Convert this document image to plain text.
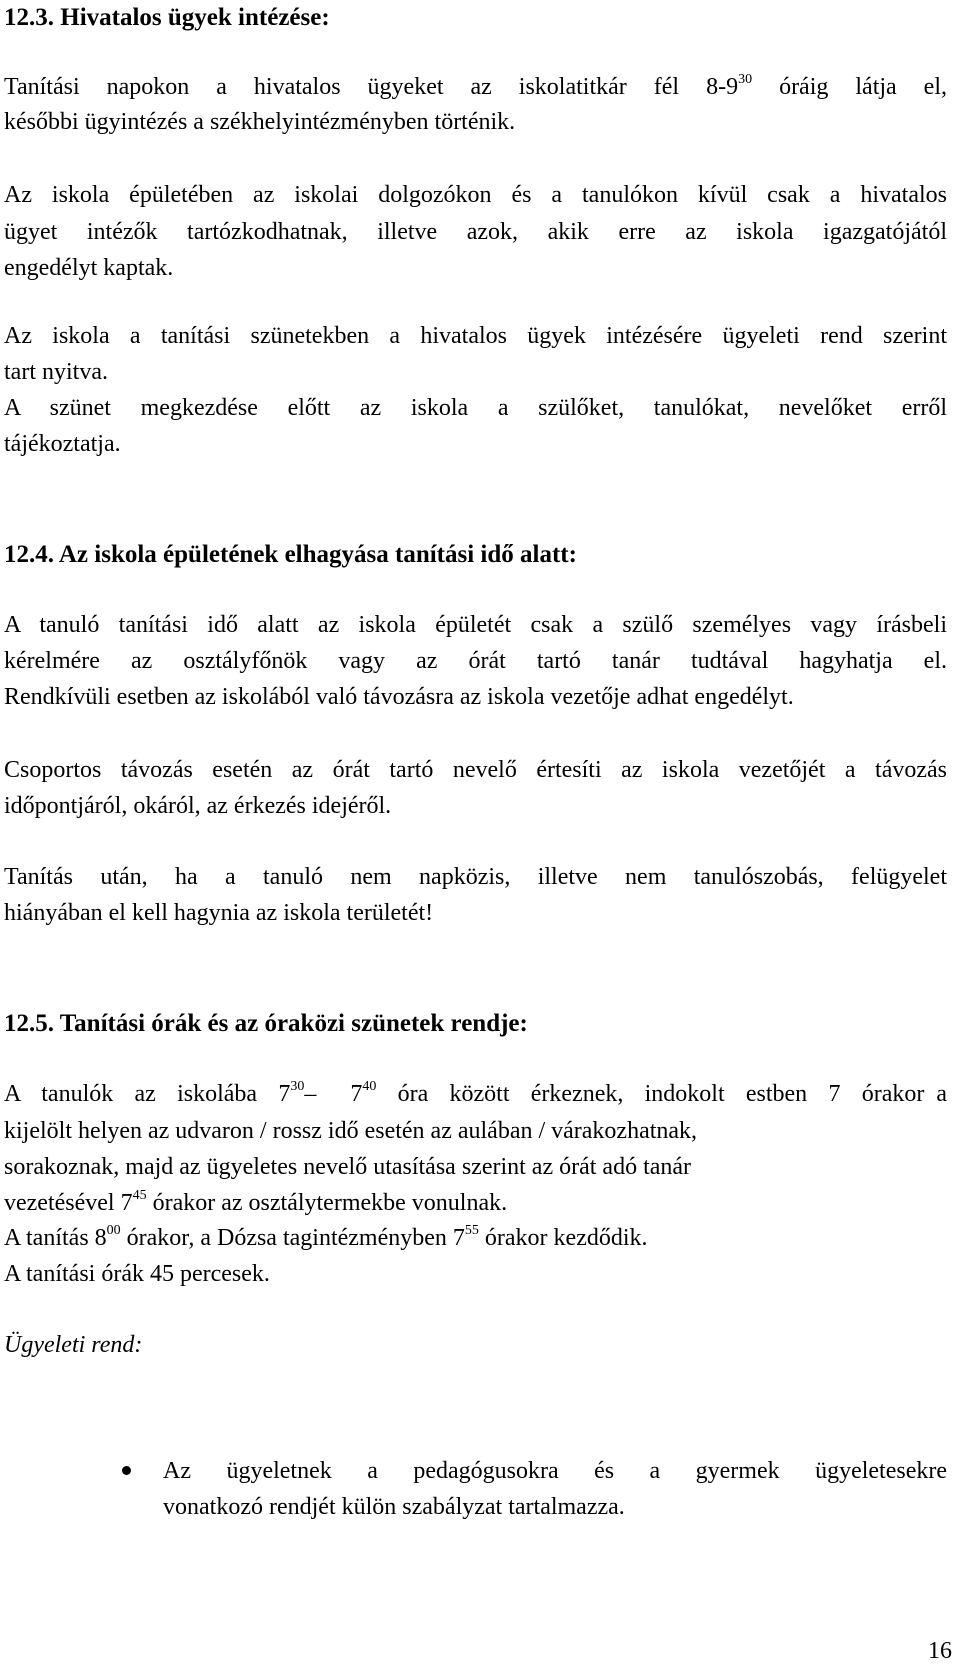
12.3. Hivatalos ügyek intézése:
Tanítási napokon a hivatalos ügyeket az iskolatitkár fél $8-9^{30}$ óráig látja el,
későbbi ügyintézés a székhelyintézményben történik.
Az iskola épületében az iskolai dolgozókon és a tanulókon kívül csak a hivatalos
ügyet intézők tartózkodhatnak, illetve azok, akik erre az iskola igazgatójától
engedélyt kaptak.
Az iskola a tanítási szünetekben a hivatalos ügyek intézésére ügyeleti rend szerint
tart nyitva.
A szünet megkezdése előtt az iskola a szülőket, tanulókat, nevelőket erről
tájékoztatja.
12.4. Az iskola épületének elhagyása tanítási idő alatt:
A tanuló tanítási idő alatt az iskola épületét csak a szülő személyes vagy írásbeli
kérelmére az osztályfőnök vagy az órát tartó tanár tudtával hagyhatja el.
Rendkívüli esetben az iskolából való távozásra az iskola vezetője adhat engedélyt.
Csoportos távozás esetén az órát tartó nevelő értesíti az iskola vezetőjét a távozás
időpontjáról, okáról, az érkezés idejéről.
Tanítás után, ha a tanuló nem napközis, illetve nem tanulószobás, felügyelet
hiányában el kell hagynia az iskola területét!
12.5. Tanítási órák és az óraközi szünetek rendje:
A tanulók az iskolába $7^{30}-$ $7^{40}$ óra között érkeznek, indokolt estben 7 órakor a
kijelölt helyen az udvaron / rossz idő esetén az aulában / várakozhatnak,
sorakoznak, majd az ügyeletes nevelő utasítása szerint az órát adó tanár
vezetésével $7^{45}$ órakor az osztálytermekbe vonulnak.
A tanítás $8^{00}$ órakor, a Dózsa tagintézményben $7^{55}$ órakor kezdődik.
A tanítási órák 45 percesek.
Ügyeleti rend:
Az ügyeletnek a pedagógusokra és a gyermek ügyeletesekre
vonatkozó rendjét külön szabályzat tartalmazza.
16
